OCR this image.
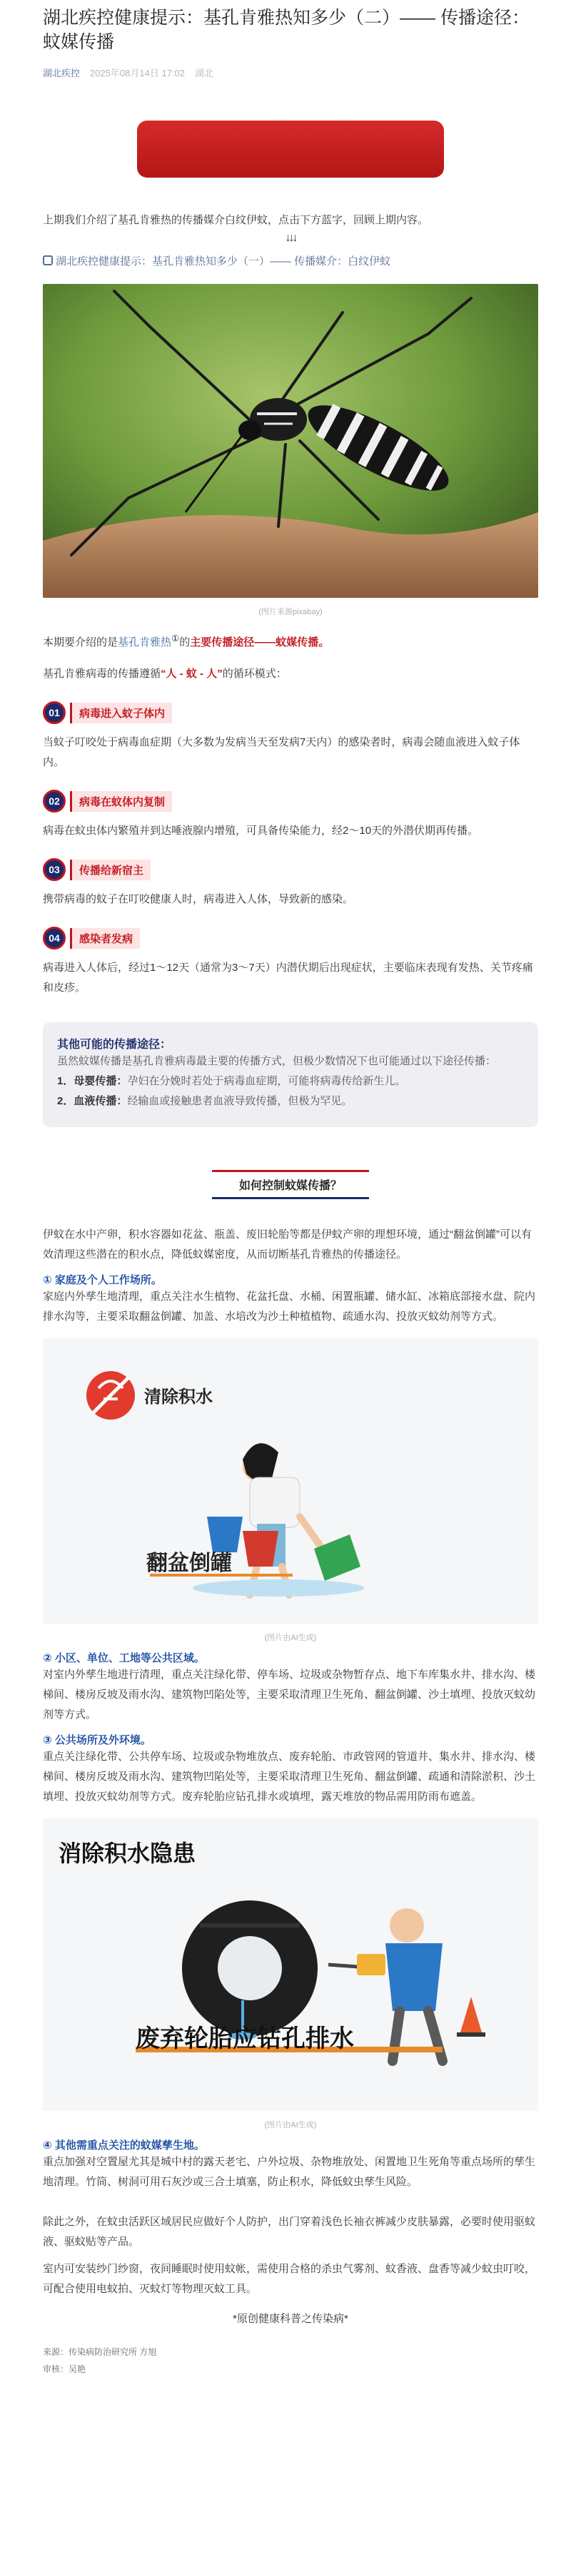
湖北疾控健康提示：基孔肯雅热知多少（二）—— 传播途径：蚊媒传播
湖北疾控 2025年08月14日 17:02 湖北

上期我们介绍了基孔肯雅热的传播媒介白纹伊蚊，点击下方蓝字，回顾上期内容。

↓↓↓
湖北疾控健康提示：基孔肯雅热知多少（一）—— 传播媒介：白纹伊蚊
(图片来源pixabay)

本期要介绍的是基孔肯雅热①的主要传播途径——蚊媒传播。

基孔肯雅病毒的传播遵循“人 - 蚊 - 人”的循环模式：

01	病毒进入蚊子体内

当蚊子叮咬处于病毒血症期（大多数为发病当天至发病7天内）的感染者时，病毒会随血液进入蚊子体内。

02	病毒在蚊体内复制

病毒在蚊虫体内繁殖并到达唾液腺内增殖，可具备传染能力，经2～10天的外潜伏期再传播。

03	传播给新宿主

携带病毒的蚊子在叮咬健康人时，病毒进入人体，导致新的感染。

04	感染者发病

病毒进入人体后，经过1～12天（通常为3～7天）内潜伏期后出现症状，主要临床表现有发热、关节疼痛和皮疹。

其他可能的传播途径：

虽然蚊媒传播是基孔肯雅病毒最主要的传播方式，但极少数情况下也可能通过以下途径传播：

1．母婴传播：孕妇在分娩时若处于病毒血症期，可能将病毒传给新生儿。

2．血液传播：经输血或接触患者血液导致传播，但极为罕见。

如何控制蚊媒传播？

伊蚊在水中产卵，积水容器如花盆、瓶盖、废旧轮胎等都是伊蚊产卵的理想环境，通过“翻盆倒罐”可以有效清理这些潜在的积水点，降低蚊媒密度，从而切断基孔肯雅热的传播途径。

① 家庭及个人工作场所。

家庭内外孳生地清理，重点关注水生植物、花盆托盘、水桶、闲置瓶罐、储水缸、冰箱底部接水盘、院内排水沟等，主要采取翻盆倒罐、加盖、水培改为沙土种植植物、疏通水沟、投放灭蚊幼剂等方式。

清除积水
翻盆倒罐
(图片由AI生成)
② 小区、单位、工地等公共区域。

对室内外孳生地进行清理，重点关注绿化带、停车场、垃圾或杂物暂存点、地下车库集水井、排水沟、楼梯间、楼房反坡及雨水沟、建筑物凹陷处等，主要采取清理卫生死角、翻盆倒罐、沙土填埋、投放灭蚊幼剂等方式。

③ 公共场所及外环境。

重点关注绿化带、公共停车场、垃圾或杂物堆放点、废弃轮胎、市政管网的管道井、集水井、排水沟、楼梯间、楼房反坡及雨水沟、建筑物凹陷处等，主要采取清理卫生死角、翻盆倒罐、疏通和清除淤积、沙土填埋、投放灭蚊幼剂等方式。废弃轮胎应钻孔排水或填埋，露天堆放的物品需用防雨布遮盖。

消除积水隐患
废弃轮胎应钻孔排水
(图片由AI生成)
④ 其他需重点关注的蚊媒孳生地。

重点加强对空置屋尤其是城中村的露天老宅、户外垃圾、杂物堆放处、闲置地卫生死角等重点场所的孳生地清理。竹筒、树洞可用石灰沙或三合土填塞，防止积水，降低蚊虫孳生风险。

除此之外，在蚊虫活跃区域居民应做好个人防护，出门穿着浅色长袖衣裤减少皮肤暴露，必要时使用驱蚊液、驱蚊贴等产品。

室内可安装纱门纱窗，夜间睡眠时使用蚊帐，需使用合格的杀虫气雾剂、蚊香液、盘香等减少蚊虫叮咬，可配合使用电蚊拍、灭蚊灯等物理灭蚊工具。

*原创健康科普之传染病*

来源：传染病防治研究所 方旭
审核：吴艳
